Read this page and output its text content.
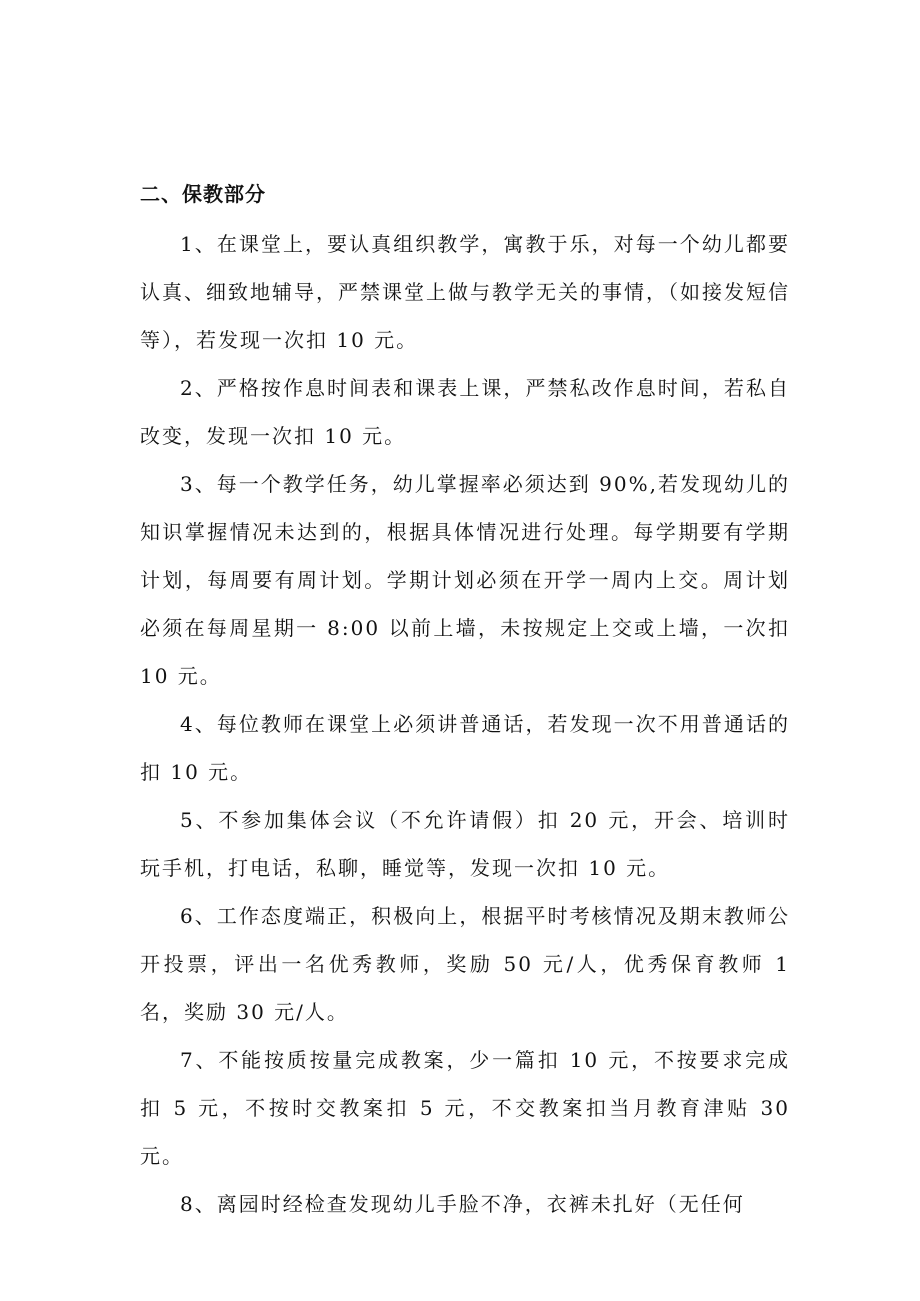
二、保教部分

1、在课堂上，要认真组织教学，寓教于乐，对每一个幼儿都要认真、细致地辅导，严禁课堂上做与教学无关的事情，（如接发短信等），若发现一次扣 10 元。

2、严格按作息时间表和课表上课，严禁私改作息时间，若私自改变，发现一次扣 10 元。

3、每一个教学任务，幼儿掌握率必须达到 90%,若发现幼儿的知识掌握情况未达到的，根据具体情况进行处理。每学期要有学期计划，每周要有周计划。学期计划必须在开学一周内上交。周计划必须在每周星期一 8:00 以前上墙，未按规定上交或上墙，一次扣 10 元。

4、每位教师在课堂上必须讲普通话，若发现一次不用普通话的扣 10 元。

5、不参加集体会议（不允许请假）扣 20 元，开会、培训时玩手机，打电话，私聊，睡觉等，发现一次扣 10 元。

6、工作态度端正，积极向上，根据平时考核情况及期末教师公开投票，评出一名优秀教师，奖励 50 元/人，优秀保育教师 1 名，奖励 30 元/人。

7、不能按质按量完成教案，少一篇扣 10 元，不按要求完成扣 5 元，不按时交教案扣 5 元，不交教案扣当月教育津贴 30 元。

8、离园时经检查发现幼儿手脸不净，衣裤未扎好（无任何
